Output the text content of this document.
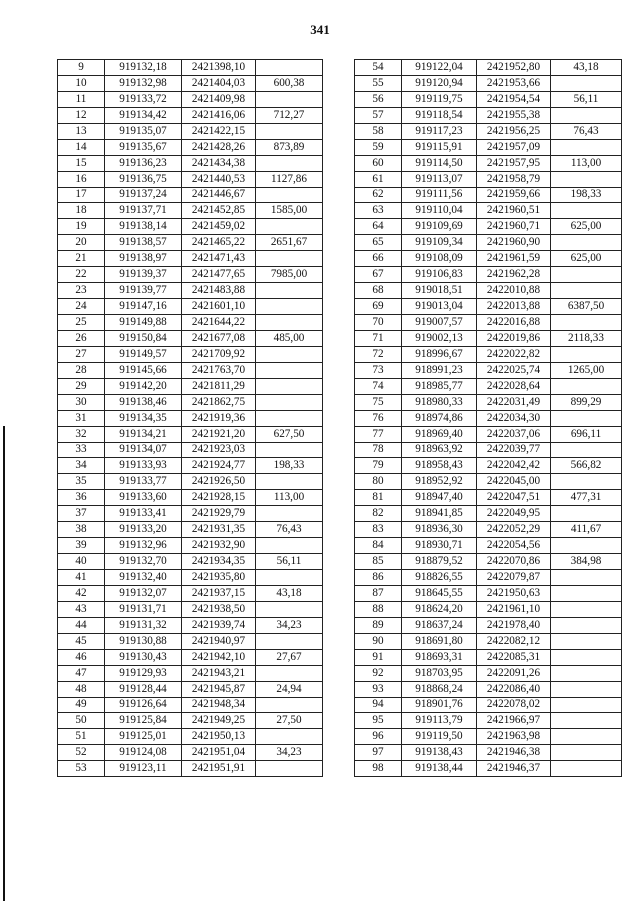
341
9	919132,18	2421398,10	
10	919132,98	2421404,03	600,38
11	919133,72	2421409,98	
12	919134,42	2421416,06	712,27
13	919135,07	2421422,15	
14	919135,67	2421428,26	873,89
15	919136,23	2421434,38	
16	919136,75	2421440,53	1127,86
17	919137,24	2421446,67	
18	919137,71	2421452,85	1585,00
19	919138,14	2421459,02	
20	919138,57	2421465,22	2651,67
21	919138,97	2421471,43	
22	919139,37	2421477,65	7985,00
23	919139,77	2421483,88	
24	919147,16	2421601,10	
25	919149,88	2421644,22	
26	919150,84	2421677,08	485,00
27	919149,57	2421709,92	
28	919145,66	2421763,70	
29	919142,20	2421811,29	
30	919138,46	2421862,75	
31	919134,35	2421919,36	
32	919134,21	2421921,20	627,50
33	919134,07	2421923,03	
34	919133,93	2421924,77	198,33
35	919133,77	2421926,50	
36	919133,60	2421928,15	113,00
37	919133,41	2421929,79	
38	919133,20	2421931,35	76,43
39	919132,96	2421932,90	
40	919132,70	2421934,35	56,11
41	919132,40	2421935,80	
42	919132,07	2421937,15	43,18
43	919131,71	2421938,50	
44	919131,32	2421939,74	34,23
45	919130,88	2421940,97	
46	919130,43	2421942,10	27,67
47	919129,93	2421943,21	
48	919128,44	2421945,87	24,94
49	919126,64	2421948,34	
50	919125,84	2421949,25	27,50
51	919125,01	2421950,13	
52	919124,08	2421951,04	34,23
53	919123,11	2421951,91	
54	919122,04	2421952,80	43,18
55	919120,94	2421953,66	
56	919119,75	2421954,54	56,11
57	919118,54	2421955,38	
58	919117,23	2421956,25	76,43
59	919115,91	2421957,09	
60	919114,50	2421957,95	113,00
61	919113,07	2421958,79	
62	919111,56	2421959,66	198,33
63	919110,04	2421960,51	
64	919109,69	2421960,71	625,00
65	919109,34	2421960,90	
66	919108,09	2421961,59	625,00
67	919106,83	2421962,28	
68	919018,51	2422010,88	
69	919013,04	2422013,88	6387,50
70	919007,57	2422016,88	
71	919002,13	2422019,86	2118,33
72	918996,67	2422022,82	
73	918991,23	2422025,74	1265,00
74	918985,77	2422028,64	
75	918980,33	2422031,49	899,29
76	918974,86	2422034,30	
77	918969,40	2422037,06	696,11
78	918963,92	2422039,77	
79	918958,43	2422042,42	566,82
80	918952,92	2422045,00	
81	918947,40	2422047,51	477,31
82	918941,85	2422049,95	
83	918936,30	2422052,29	411,67
84	918930,71	2422054,56	
85	918879,52	2422070,86	384,98
86	918826,55	2422079,87	
87	918645,55	2421950,63	
88	918624,20	2421961,10	
89	918637,24	2421978,40	
90	918691,80	2422082,12	
91	918693,31	2422085,31	
92	918703,95	2422091,26	
93	918868,24	2422086,40	
94	918901,76	2422078,02	
95	919113,79	2421966,97	
96	919119,50	2421963,98	
97	919138,43	2421946,38	
98	919138,44	2421946,37	
